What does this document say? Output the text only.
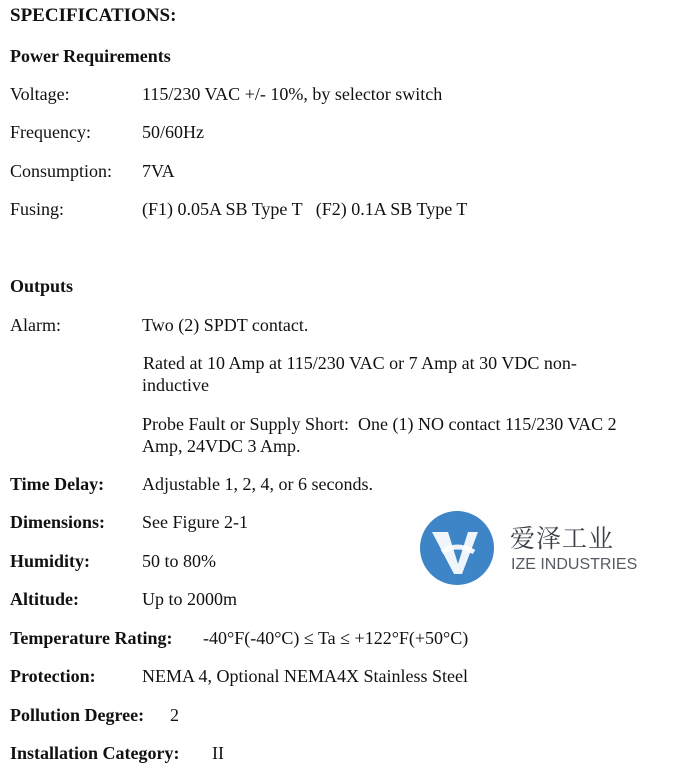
SPECIFICATIONS:
Power Requirements
Voltage:	115/230 VAC +/- 10%, by selector switch
Frequency:	50/60Hz
Consumption: 7VA
Fusing:	(F1) 0.05A SB Type T   (F2) 0.1A SB Type T
Outputs
Alarm:	Two (2) SPDT contact.
Rated at 10 Amp at 115/230 VAC or 7 Amp at 30 VDC non-
inductive
Probe Fault or Supply Short:  One (1) NO contact 115/230 VAC 2
Amp, 24VDC 3 Amp.
Time Delay: Adjustable 1, 2, 4, or 6 seconds.
Dimensions: See Figure 2-1
Humidity:	50 to 80%
Altitude:	Up to 2000m
Temperature Rating: -40°F(-40°C) ≤ Ta ≤ +122°F(+50°C)
Protection:	NEMA 4, Optional NEMA4X Stainless Steel
Pollution Degree: 2
Installation Category: II
爱泽工业
IZE INDUSTRIES
